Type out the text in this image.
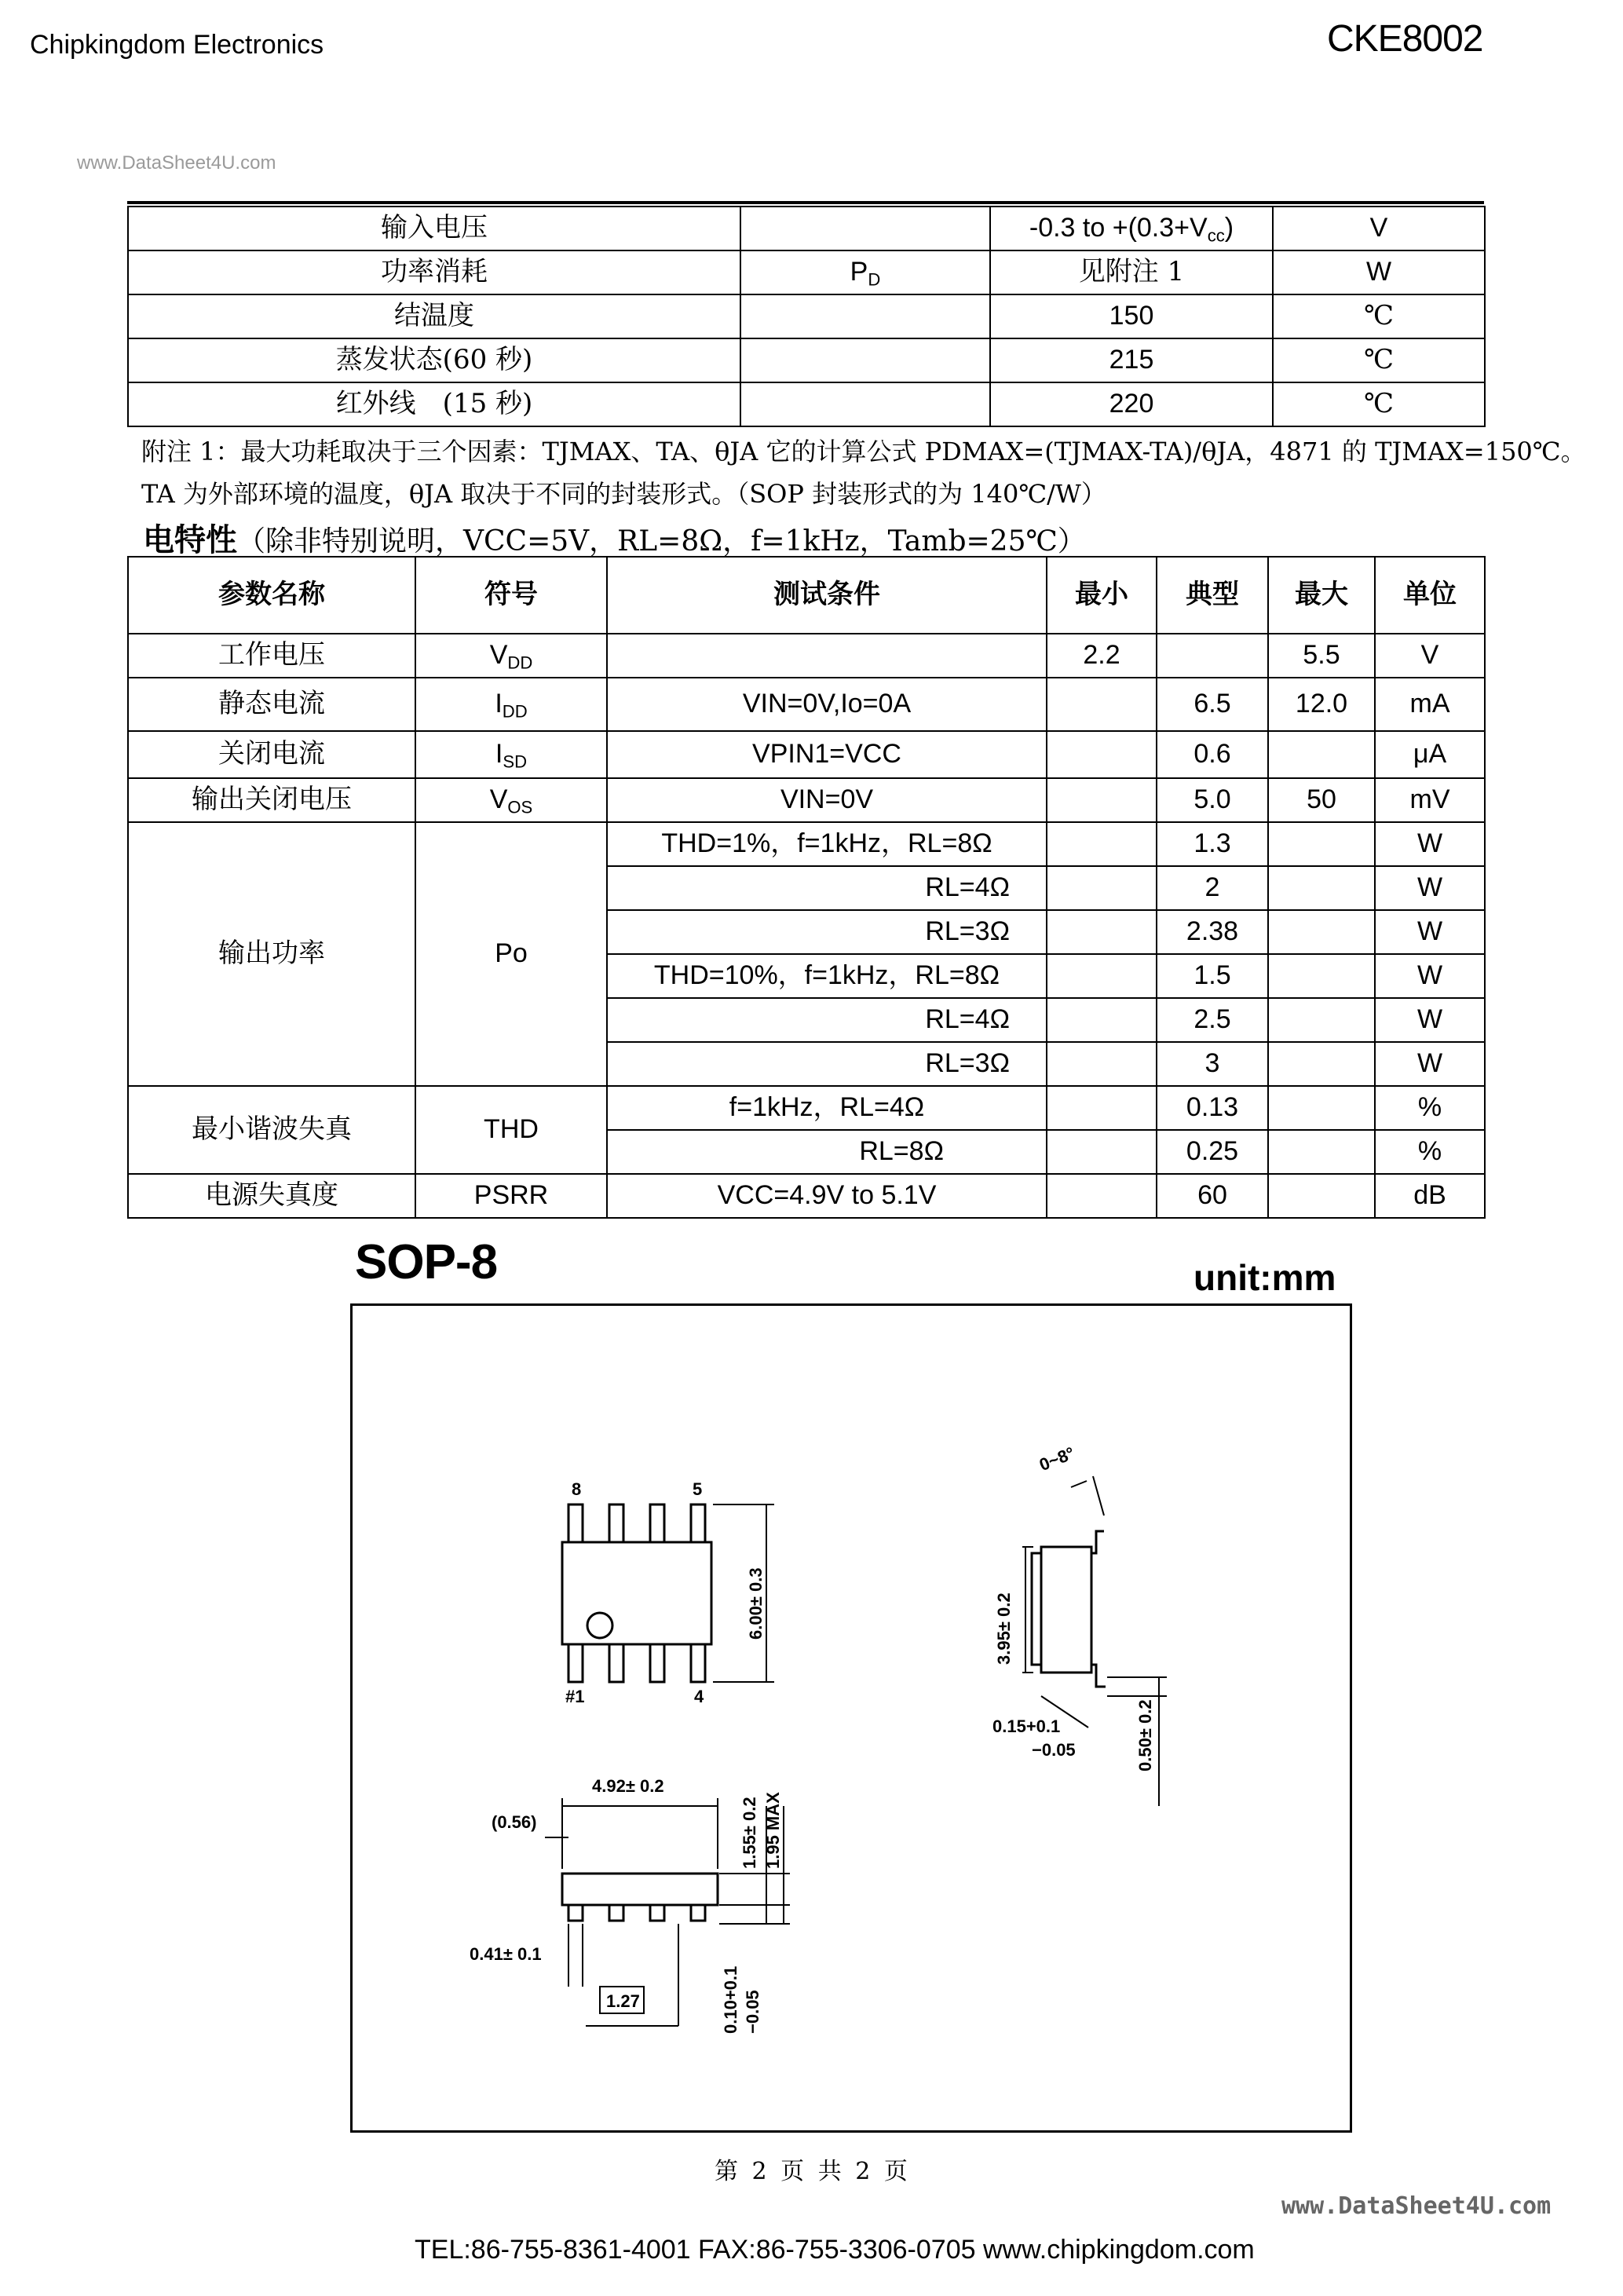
Chipkingdom Electronics	CKE8002
www.DataSheet4U.com
输入电压		-0.3 to $+(0.3+V_{cc})$	V
功率消耗	$P_D$	见附注 1	W
结温度		150	℃
蒸发状态(60 秒)		215	℃
红外线　(15 秒)		220	℃
附注 1：最大功耗取决于三个因素：TJMAX、TA、θJA 它的计算公式 PDMAX=(TJMAX-TA)/θJA，4871 的 TJMAX=150℃。
TA 为外部环境的温度，θJA 取决于不同的封装形式。（SOP 封装形式的为 140℃/W）
电特性（除非特别说明，VCC=5V，RL=8Ω，f=1kHz，Tamb=25℃）
参数名称	符号	测试条件	最小	典型	最大	单位
工作电压	$V_{DD}$		2.2		5.5	V
静态电流	$I_{DD}$	VIN=0V,Io=0A		6.5	12.0	mA
关闭电流	$I_{SD}$	VPIN1=VCC		0.6		μA
输出关闭电压	$V_{OS}$	VIN=0V		5.0	50	mV
输出功率	Po	THD=1%，f=1kHz，RL=8Ω		1.3		W
		RL=4Ω		2		W
		RL=3Ω		2.38		W
		THD=10%，f=1kHz，RL=8Ω		1.5		W
		RL=4Ω		2.5		W
		RL=3Ω		3		W
最小谐波失真	THD	f=1kHz，RL=4Ω		0.13		%
		RL=8Ω		0.25		%
电源失真度	PSRR	VCC=4.9V to 5.1V		60		dB
SOP-8	unit:mm
8	5
#1	4
6.00± 0.3
0~8°
3.95± 0.2
0.15+0.1
−0.05	0.50± 0.2
4.92± 0.2
(0.56)	1.55± 0.2 1.95 MAX
0.41± 0.1
1.27	0.10+0.1 −0.05
第 2 页 共 2 页
www.DataSheet4U.com
TEL:86-755-8361-4001 FAX:86-755-3306-0705 www.chipkingdom.com
